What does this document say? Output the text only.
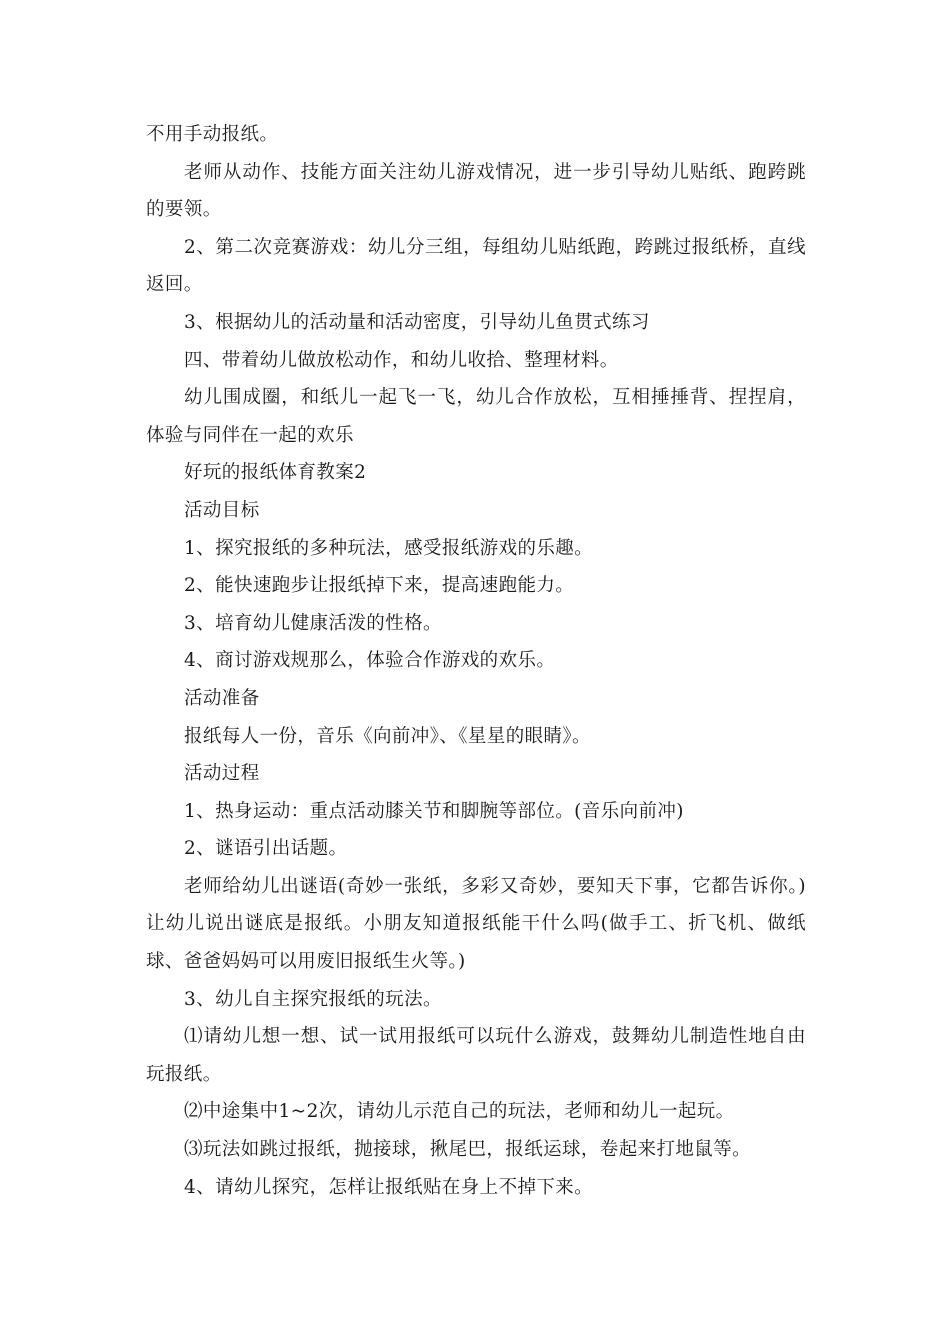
不用手动报纸。

老师从动作、技能方面关注幼儿游戏情况，进一步引导幼儿贴纸、跑跨跳的要领。

2、第二次竞赛游戏：幼儿分三组，每组幼儿贴纸跑，跨跳过报纸桥，直线返回。

3、根据幼儿的活动量和活动密度，引导幼儿鱼贯式练习

四、带着幼儿做放松动作，和幼儿收拾、整理材料。

幼儿围成圈，和纸儿一起飞一飞，幼儿合作放松，互相捶捶背、捏捏肩，体验与同伴在一起的欢乐

好玩的报纸体育教案2

活动目标

1、探究报纸的多种玩法，感受报纸游戏的乐趣。

2、能快速跑步让报纸掉下来，提高速跑能力。

3、培育幼儿健康活泼的性格。

4、商讨游戏规那么，体验合作游戏的欢乐。

活动准备

报纸每人一份，音乐《向前冲》、《星星的眼睛》。

活动过程

1、热身运动：重点活动膝关节和脚腕等部位。(音乐向前冲)

2、谜语引出话题。

老师给幼儿出谜语(奇妙一张纸，多彩又奇妙，要知天下事，它都告诉你。)让幼儿说出谜底是报纸。小朋友知道报纸能干什么吗(做手工、折飞机、做纸球、爸爸妈妈可以用废旧报纸生火等。)

3、幼儿自主探究报纸的玩法。

⑴请幼儿想一想、试一试用报纸可以玩什么游戏，鼓舞幼儿制造性地自由玩报纸。

⑵中途集中1~2次，请幼儿示范自己的玩法，老师和幼儿一起玩。

⑶玩法如跳过报纸，抛接球，揪尾巴，报纸运球，卷起来打地鼠等。

4、请幼儿探究，怎样让报纸贴在身上不掉下来。
